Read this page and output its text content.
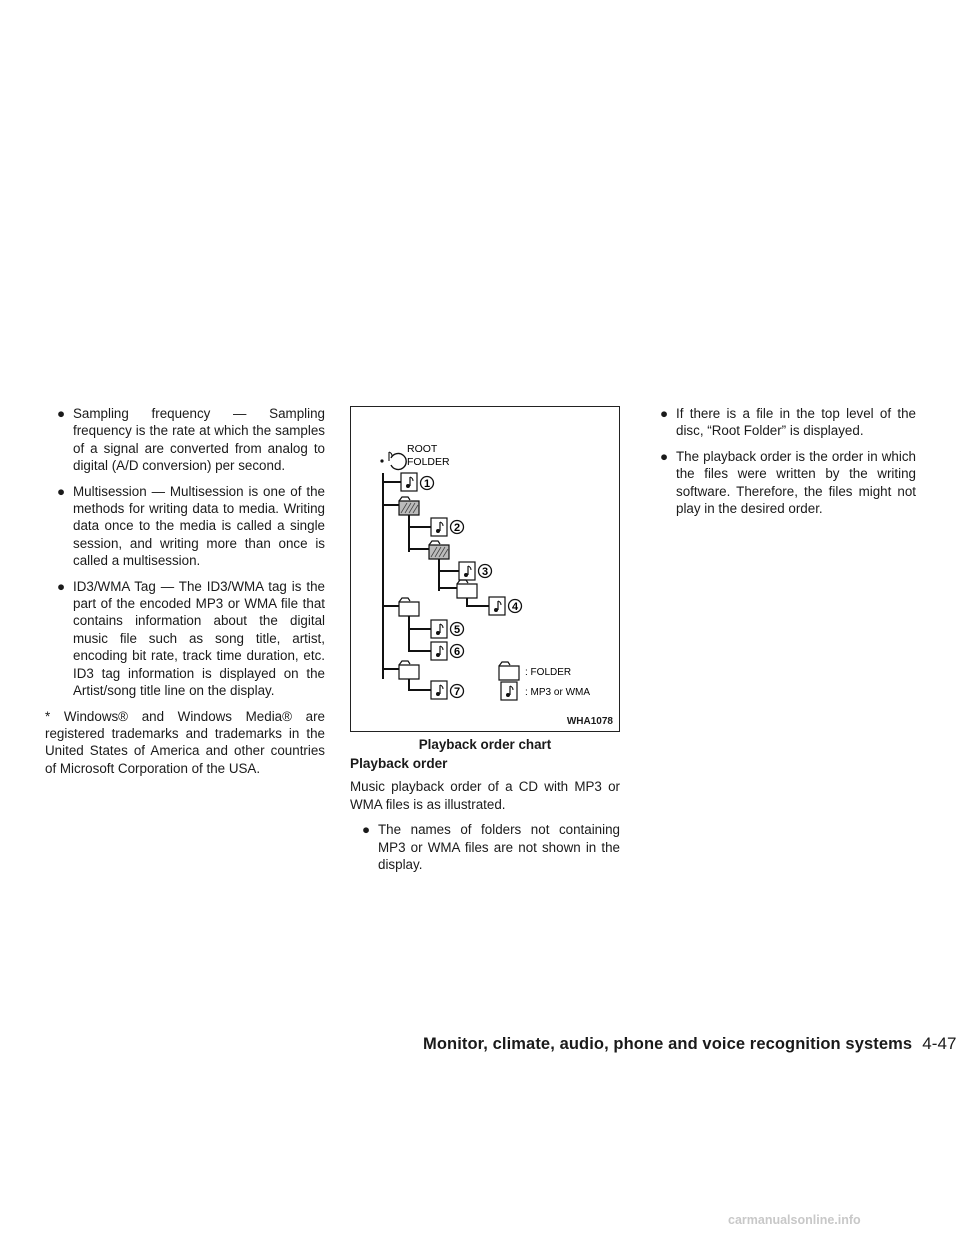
● Sampling frequency — Sampling frequency is the rate at which the samples of a signal are converted from analog to digital (A/D conversion) per second.
● Multisession — Multisession is one of the methods for writing data to media. Writing data once to the media is called a single session, and writing more than once is called a multisession.
● ID3/WMA Tag — The ID3/WMA tag is the part of the encoded MP3 or WMA file that contains information about the digital music file such as song title, artist, encoding bit rate, track time duration, etc. ID3 tag information is displayed on the Artist/song title line on the display.

* Windows® and Windows Media® are registered trademarks and trademarks in the United States of America and other countries of Microsoft Corporation of the USA.

ROOT
FOLDER
1
2
3
4
5
6
7
: FOLDER
: MP3 or WMA
WHA1078
Playback order chart
Playback order

Music playback order of a CD with MP3 or WMA files is as illustrated.

● The names of folders not containing MP3 or WMA files are not shown in the display.
● If there is a file in the top level of the disc, “Root Folder” is displayed.
● The playback order is the order in which the files were written by the writing software. Therefore, the files might not play in the desired order.
Monitor, climate, audio, phone and voice recognition systems 4-47
carmanualsonline.info
